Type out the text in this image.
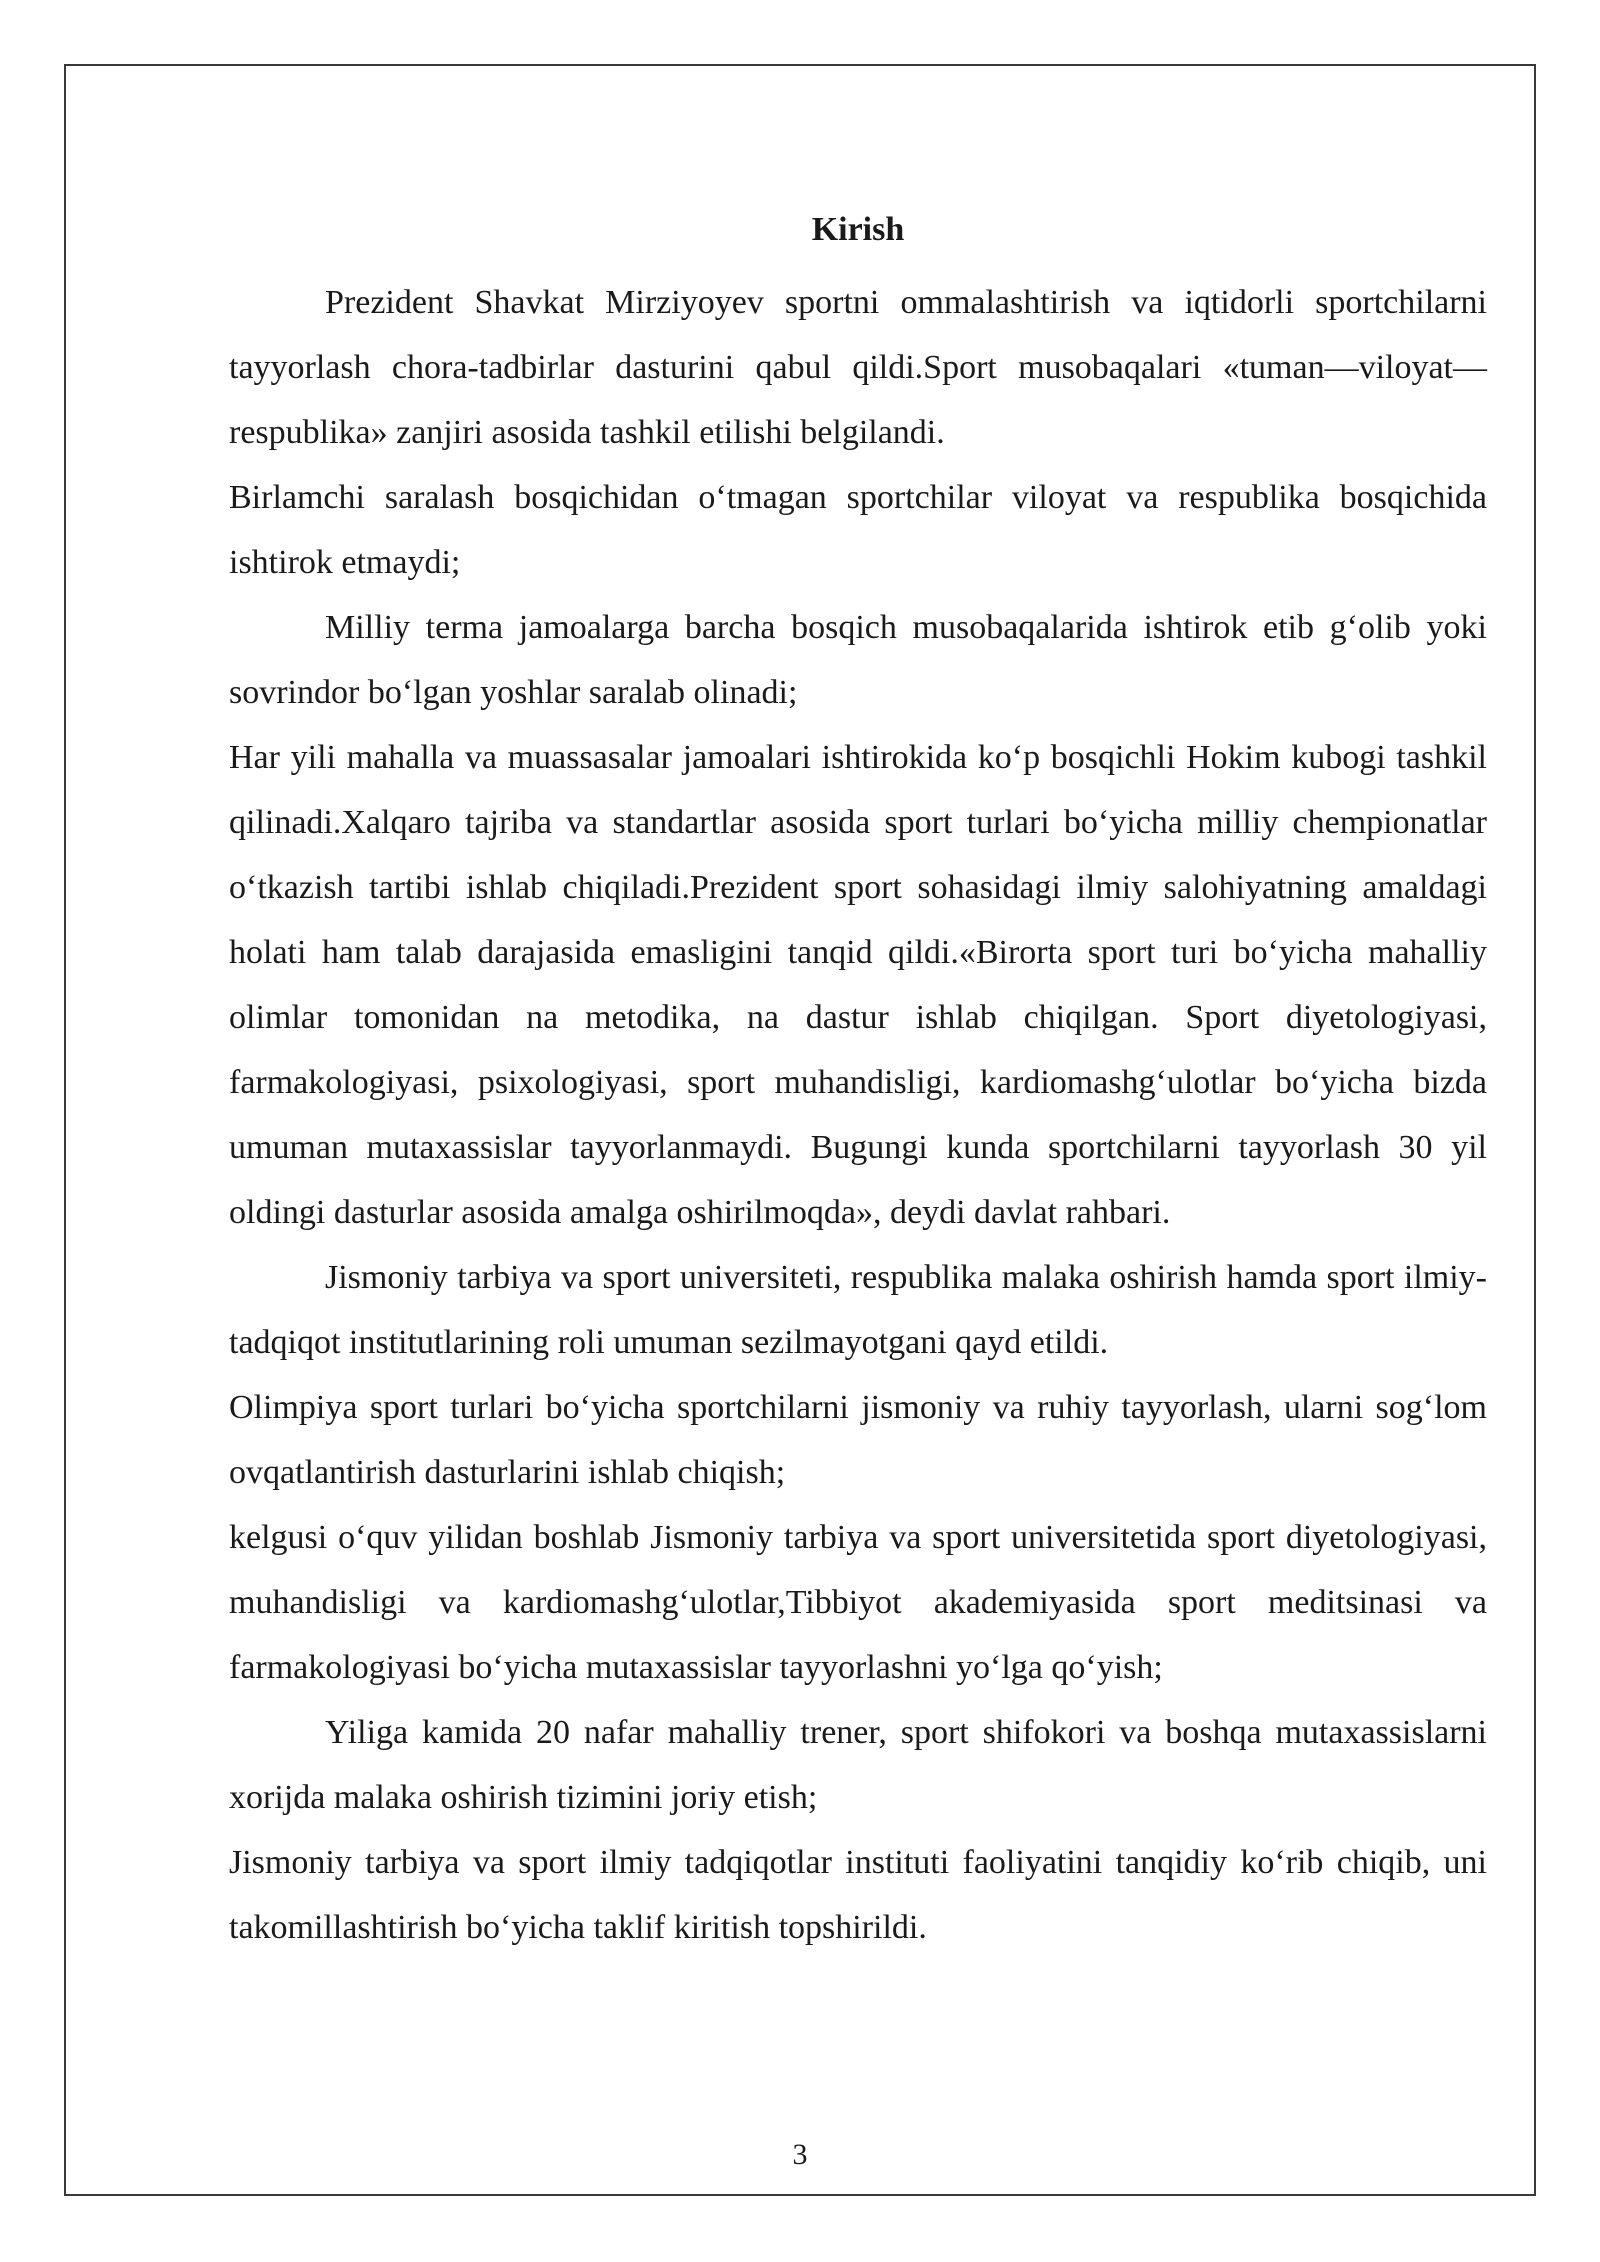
Kirish

Prezident Shavkat Mirziyoyev sportni ommalashtirish va iqtidorli sportchilarni tayyorlash chora-tadbirlar dasturini qabul qildi.Sport musobaqalari «tuman—viloyat—respublika» zanjiri asosida tashkil etilishi belgilandi.

Birlamchi saralash bosqichidan o‘tmagan sportchilar viloyat va respublika bosqichida ishtirok etmaydi;

Milliy terma jamoalarga barcha bosqich musobaqalarida ishtirok etib g‘olib yoki sovrindor bo‘lgan yoshlar saralab olinadi;

Har yili mahalla va muassasalar jamoalari ishtirokida ko‘p bosqichli Hokim kubogi tashkil qilinadi.Xalqaro tajriba va standartlar asosida sport turlari bo‘yicha milliy chempionatlar o‘tkazish tartibi ishlab chiqiladi.Prezident sport sohasidagi ilmiy salohiyatning amaldagi holati ham talab darajasida emasligini tanqid qildi.«Birorta sport turi bo‘yicha mahalliy olimlar tomonidan na metodika, na dastur ishlab chiqilgan. Sport diyetologiyasi, farmakologiyasi, psixologiyasi, sport muhandisligi, kardiomashg‘ulotlar bo‘yicha bizda umuman mutaxassislar tayyorlanmaydi. Bugungi kunda sportchilarni tayyorlash 30 yil oldingi dasturlar asosida amalga oshirilmoqda», deydi davlat rahbari.

Jismoniy tarbiya va sport universiteti, respublika malaka oshirish hamda sport ilmiy-tadqiqot institutlarining roli umuman sezilmayotgani qayd etildi.

Olimpiya sport turlari bo‘yicha sportchilarni jismoniy va ruhiy tayyorlash, ularni sog‘lom ovqatlantirish dasturlarini ishlab chiqish;

kelgusi o‘quv yilidan boshlab Jismoniy tarbiya va sport universitetida sport diyetologiyasi, muhandisligi va kardiomashg‘ulotlar,Tibbiyot akademiyasida sport meditsinasi va farmakologiyasi bo‘yicha mutaxassislar tayyorlashni yo‘lga qo‘yish;

Yiliga kamida 20 nafar mahalliy trener, sport shifokori va boshqa mutaxassislarni xorijda malaka oshirish tizimini joriy etish;

Jismoniy tarbiya va sport ilmiy tadqiqotlar instituti faoliyatini tanqidiy ko‘rib chiqib, uni takomillashtirish bo‘yicha taklif kiritish topshirildi.

3
